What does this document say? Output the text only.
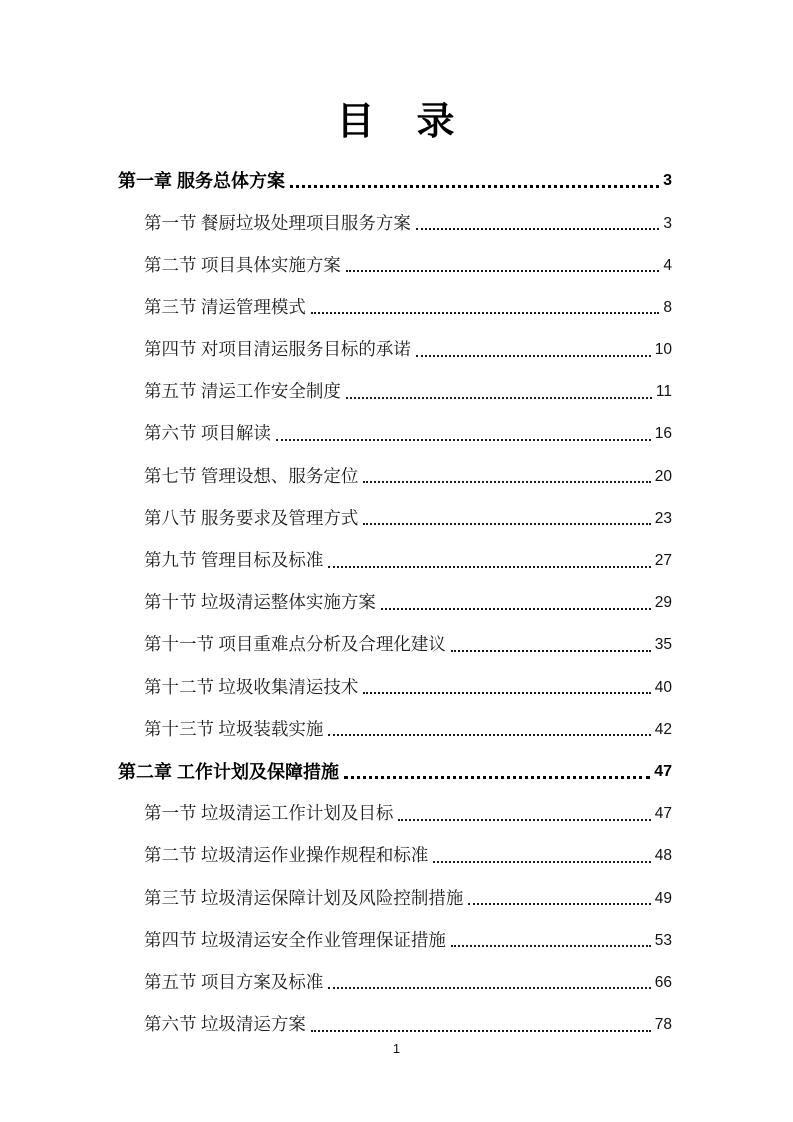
目　录
第一章 服务总体方案	3
第一节 餐厨垃圾处理项目服务方案	3
第二节 项目具体实施方案	4
第三节 清运管理模式	8
第四节 对项目清运服务目标的承诺	10
第五节 清运工作安全制度	11
第六节 项目解读	16
第七节 管理设想、服务定位	20
第八节 服务要求及管理方式	23
第九节 管理目标及标准	27
第十节 垃圾清运整体实施方案	29
第十一节 项目重难点分析及合理化建议	35
第十二节 垃圾收集清运技术	40
第十三节 垃圾装载实施	42
第二章 工作计划及保障措施	47
第一节 垃圾清运工作计划及目标	47
第二节 垃圾清运作业操作规程和标准	48
第三节 垃圾清运保障计划及风险控制措施	49
第四节 垃圾清运安全作业管理保证措施	53
第五节 项目方案及标准	66
第六节 垃圾清运方案	78
1
